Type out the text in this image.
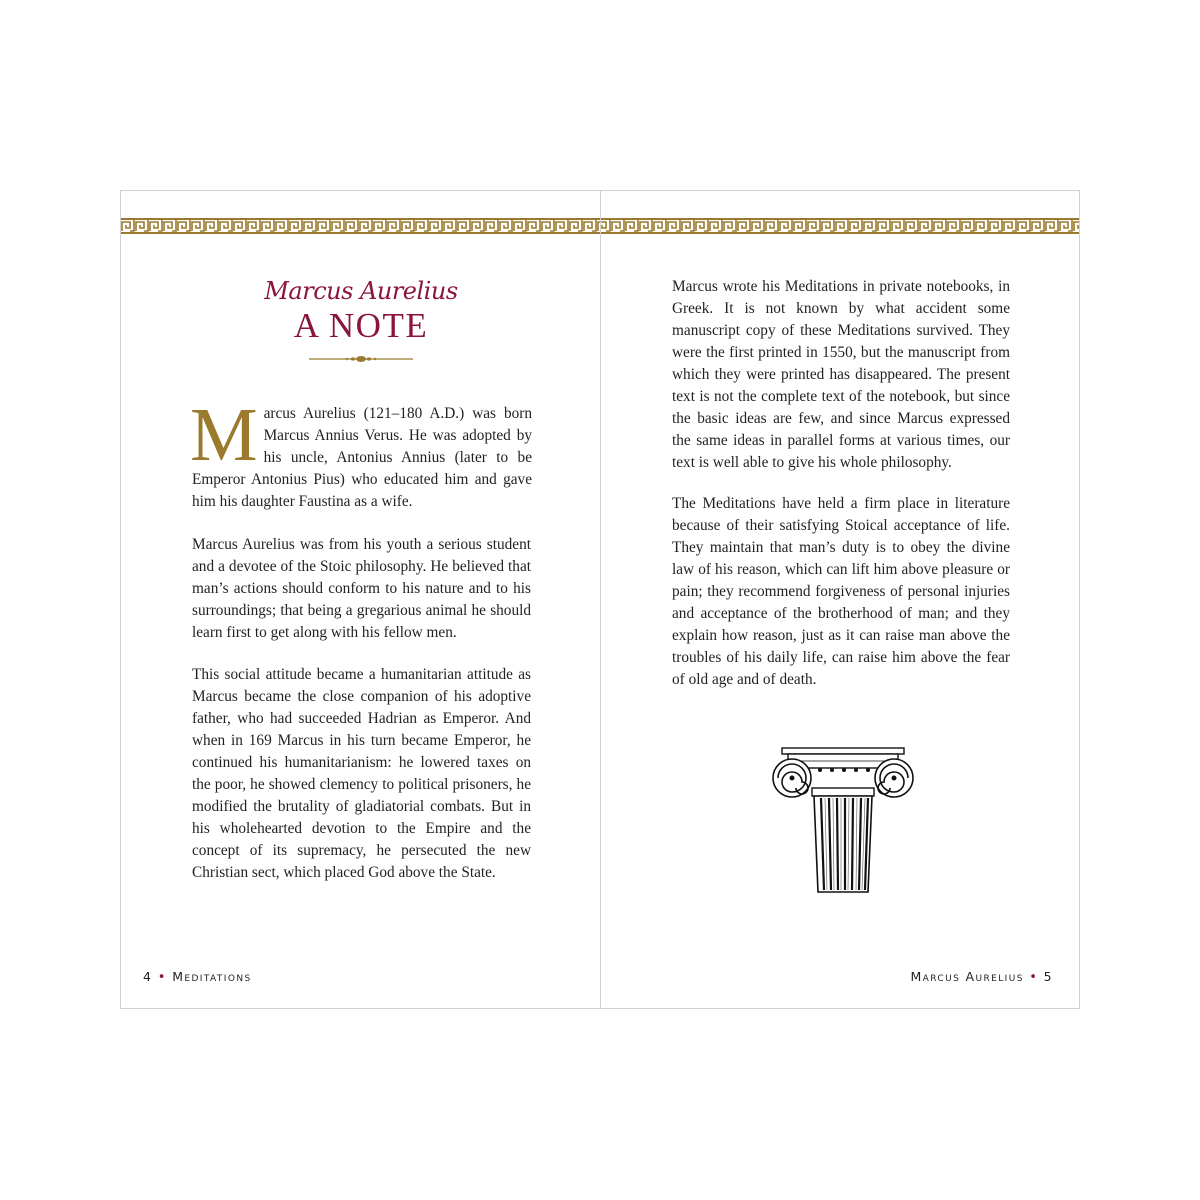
Marcus Aurelius
A NOTE
M arcus Aurelius (121–180 A.D.) was born Marcus Annius Verus. He was adopted by his uncle, Antonius Annius (later to be Emperor Antonius Pius) who educated him and gave him his daughter Faustina as a wife.

Marcus Aurelius was from his youth a serious student and a devotee of the Stoic philosophy. He believed that man’s actions should conform to his nature and to his surroundings; that being a gregarious animal he should learn first to get along with his fellow men.

This social attitude became a humanitarian attitude as Marcus became the close companion of his adoptive father, who had succeeded Hadrian as Emperor. And when in 169 Marcus in his turn became Emperor, he continued his humanitarianism: he lowered taxes on the poor, he showed clemency to political prisoners, he modified the brutality of gladiatorial combats. But in his wholehearted devotion to the Empire and the concept of its supremacy, he persecuted the new Christian sect, which placed God above the State.

4 • Meditations

Marcus wrote his Meditations in private notebooks, in Greek. It is not known by what accident some manuscript copy of these Meditations survived. They were the first printed in 1550, but the manuscript from which they were printed has disappeared. The present text is not the complete text of the notebook, but since the basic ideas are few, and since Marcus expressed the same ideas in parallel forms at various times, our text is well able to give his whole philosophy.

The Meditations have held a firm place in literature because of their satisfying Stoical acceptance of life. They maintain that man’s duty is to obey the divine law of his reason, which can lift him above pleasure or pain; they recommend forgiveness of personal injuries and acceptance of the brotherhood of man; and they explain how reason, just as it can raise man above the troubles of his daily life, can raise him above the fear of old age and of death.

Marcus Aurelius • 5
